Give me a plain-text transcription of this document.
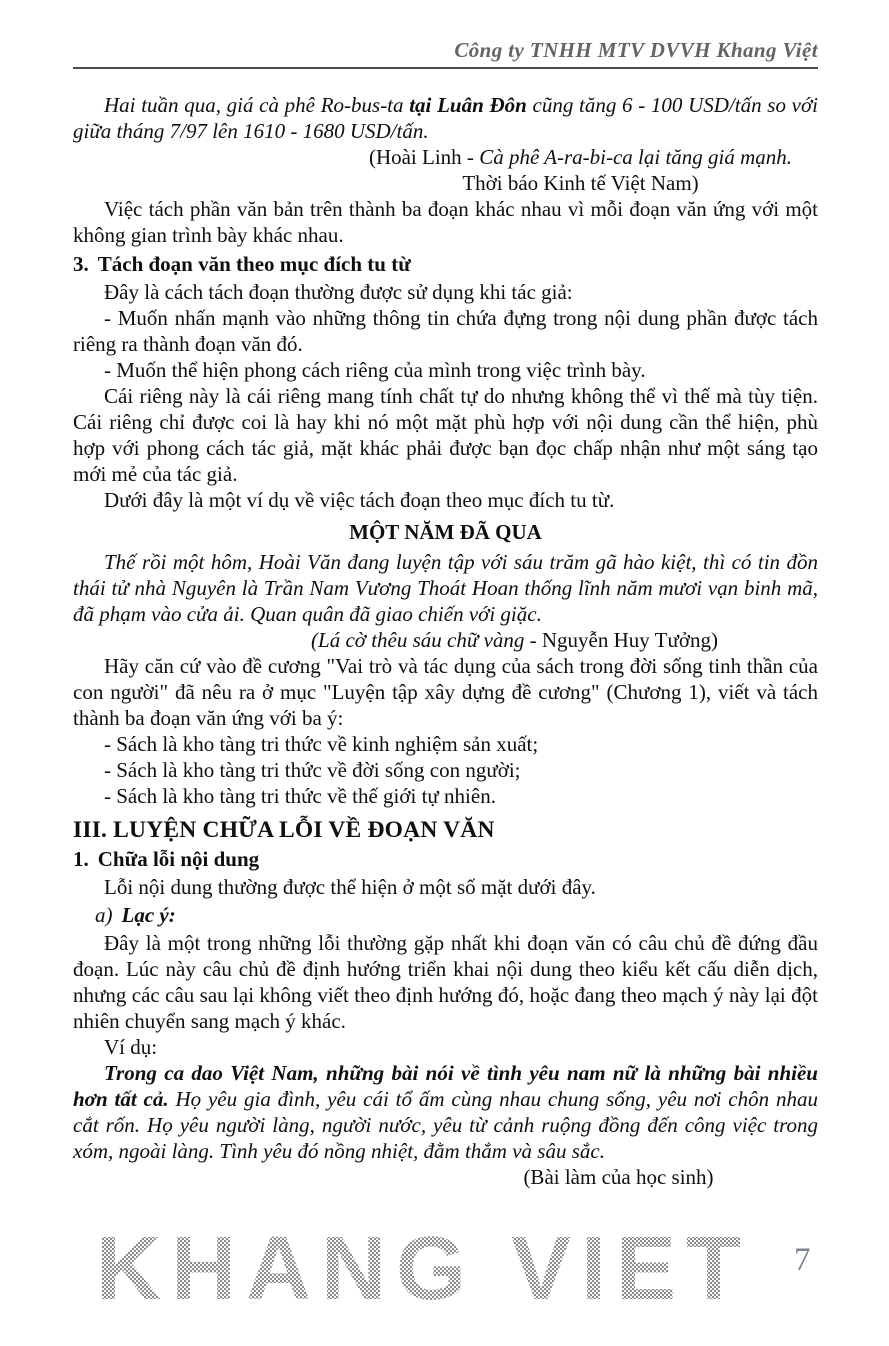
Công ty TNHH MTV DVVH Khang Việt

Hai tuần qua, giá cà phê Ro-bus-ta tại Luân Đôn cũng tăng 6 - 100 USD/tấn so với giữa tháng 7/97 lên 1610 - 1680 USD/tấn.

(Hoài Linh - Cà phê A-ra-bi-ca lại tăng giá mạnh.

Thời báo Kinh tế Việt Nam)

Việc tách phần văn bản trên thành ba đoạn khác nhau vì mỗi đoạn văn ứng với một không gian trình bày khác nhau.

3. Tách đoạn văn theo mục đích tu từ

Đây là cách tách đoạn thường được sử dụng khi tác giả:

- Muốn nhấn mạnh vào những thông tin chứa đựng trong nội dung phần được tách riêng ra thành đoạn văn đó.

- Muốn thể hiện phong cách riêng của mình trong việc trình bày.

Cái riêng này là cái riêng mang tính chất tự do nhưng không thể vì thế mà tùy tiện. Cái riêng chỉ được coi là hay khi nó một mặt phù hợp với nội dung cần thể hiện, phù hợp với phong cách tác giả, mặt khác phải được bạn đọc chấp nhận như một sáng tạo mới mẻ của tác giả.

Dưới đây là một ví dụ về việc tách đoạn theo mục đích tu từ.

MỘT NĂM ĐÃ QUA

Thế rồi một hôm, Hoài Văn đang luyện tập với sáu trăm gã hào kiệt, thì có tin đồn thái tử nhà Nguyên là Trần Nam Vương Thoát Hoan thống lĩnh năm mươi vạn binh mã, đã phạm vào cửa ải. Quan quân đã giao chiến với giặc.

(Lá cờ thêu sáu chữ vàng - Nguyễn Huy Tưởng)

Hãy căn cứ vào đề cương "Vai trò và tác dụng của sách trong đời sống tinh thần của con người" đã nêu ra ở mục "Luyện tập xây dựng đề cương" (Chương 1), viết và tách thành ba đoạn văn ứng với ba ý:

- Sách là kho tàng tri thức về kinh nghiệm sản xuất;

- Sách là kho tàng tri thức về đời sống con người;

- Sách là kho tàng tri thức về thế giới tự nhiên.

III. LUYỆN CHỮA LỖI VỀ ĐOẠN VĂN

1. Chữa lỗi nội dung

Lỗi nội dung thường được thể hiện ở một số mặt dưới đây.

a) Lạc ý:

Đây là một trong những lỗi thường gặp nhất khi đoạn văn có câu chủ đề đứng đầu đoạn. Lúc này câu chủ đề định hướng triển khai nội dung theo kiểu kết cấu diễn dịch, nhưng các câu sau lại không viết theo định hướng đó, hoặc đang theo mạch ý này lại đột nhiên chuyển sang mạch ý khác.

Ví dụ:

Trong ca dao Việt Nam, những bài nói về tình yêu nam nữ là những bài nhiều hơn tất cả. Họ yêu gia đình, yêu cái tổ ấm cùng nhau chung sống, yêu nơi chôn nhau cắt rốn. Họ yêu người làng, người nước, yêu từ cảnh ruộng đồng đến công việc trong xóm, ngoài làng. Tình yêu đó nồng nhiệt, đằm thắm và sâu sắc.

(Bài làm của học sinh)

KHANG VIET 7
